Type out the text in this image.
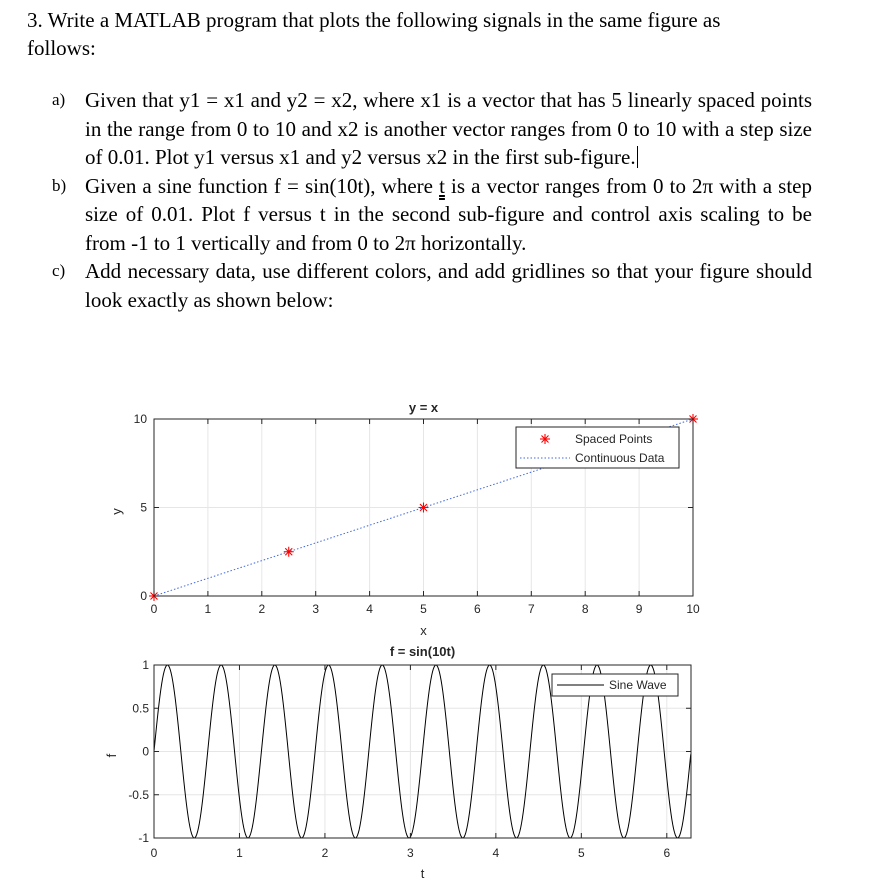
3. Write a MATLAB program that plots the following signals in the same figure as
follows:
a) Given that y1 = x1 and y2 = x2, where x1 is a vector that has 5 linearly spaced points in the range from 0 to 10 and x2 is another vector ranges from 0 to 10 with a step size of 0.01. Plot y1 versus x1 and y2 versus x2 in the first sub-figure.
b) Given a sine function f = sin(10t), where t is a vector ranges from 0 to 2π with a step size of 0.01. Plot f versus t in the second sub-figure and control axis scaling to be from -1 to 1 vertically and from 0 to 2π horizontally.
c) Add necessary data, use different colors, and add gridlines so that your figure should look exactly as shown below:
0	1	2	3	4	5	6	7	8	9	10
0
5
10
y = x
x
y
Spaced Points
Continuous Data
0	1	2	3	4	5	6
-1
-0.5
0
0.5
1
f = sin(10t)
t
f
Sine Wave
